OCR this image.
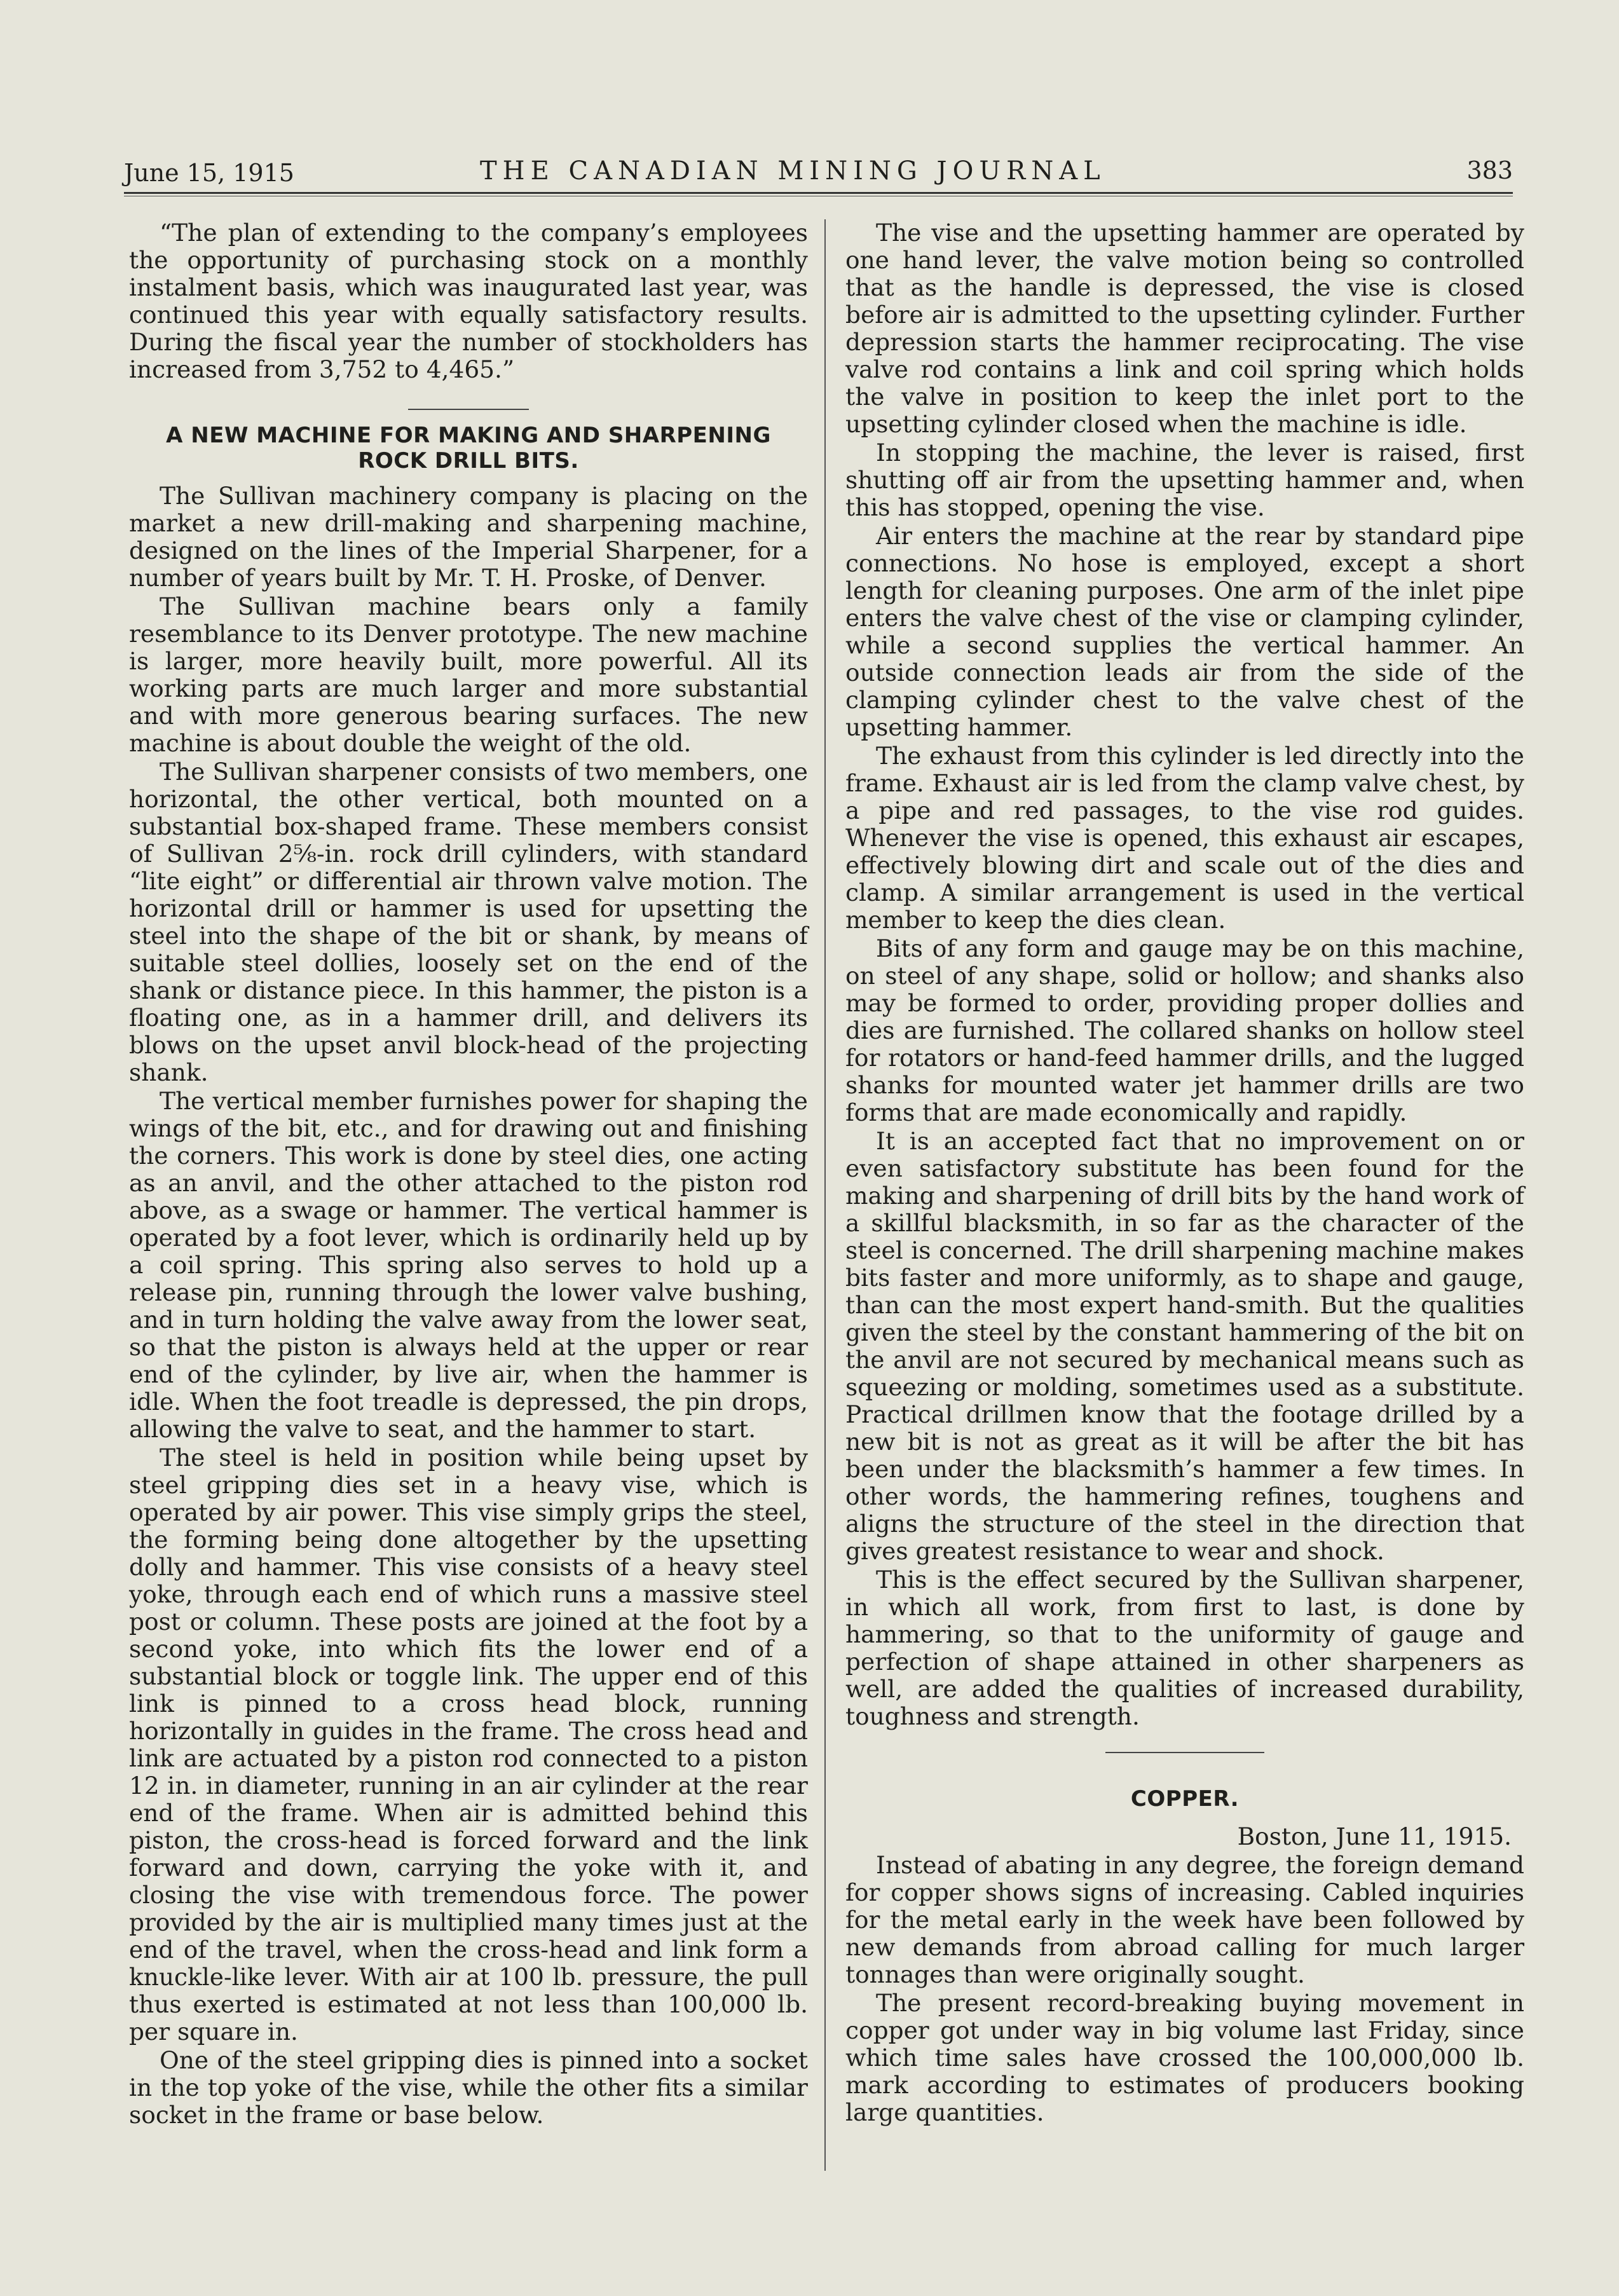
June 15, 1915	THE CANADIAN MINING JOURNAL	383

“The plan of extending to the company’s employees the opportunity of purchasing stock on a monthly instalment basis, which was inaugurated last year, was continued this year with equally satisfactory results. During the fiscal year the number of stockholders has increased from 3,752 to 4,465.”

A NEW MACHINE FOR MAKING AND SHARPENING ROCK DRILL BITS.

The Sullivan machinery company is placing on the market a new drill-making and sharpening machine, designed on the lines of the Imperial Sharpener, for a number of years built by Mr. T. H. Proske, of Denver.

The Sullivan machine bears only a family resemblance to its Denver prototype. The new machine is larger, more heavily built, more powerful. All its working parts are much larger and more substantial and with more generous bearing surfaces. The new machine is about double the weight of the old.

The Sullivan sharpener consists of two members, one horizontal, the other vertical, both mounted on a substantial box-shaped frame. These members consist of Sullivan 2⅝-in. rock drill cylinders, with standard “lite eight” or differential air thrown valve motion. The horizontal drill or hammer is used for upsetting the steel into the shape of the bit or shank, by means of suitable steel dollies, loosely set on the end of the shank or distance piece. In this hammer, the piston is a floating one, as in a hammer drill, and delivers its blows on the upset anvil block-head of the projecting shank.

The vertical member furnishes power for shaping the wings of the bit, etc., and for drawing out and finishing the corners. This work is done by steel dies, one acting as an anvil, and the other attached to the piston rod above, as a swage or hammer. The vertical hammer is operated by a foot lever, which is ordinarily held up by a coil spring. This spring also serves to hold up a release pin, running through the lower valve bushing, and in turn holding the valve away from the lower seat, so that the piston is always held at the upper or rear end of the cylinder, by live air, when the hammer is idle. When the foot treadle is depressed, the pin drops, allowing the valve to seat, and the hammer to start.

The steel is held in position while being upset by steel gripping dies set in a heavy vise, which is operated by air power. This vise simply grips the steel, the forming being done altogether by the upsetting dolly and hammer. This vise consists of a heavy steel yoke, through each end of which runs a massive steel post or column. These posts are joined at the foot by a second yoke, into which fits the lower end of a substantial block or toggle link. The upper end of this link is pinned to a cross head block, running horizontally in guides in the frame. The cross head and link are actuated by a piston rod connected to a piston 12 in. in diameter, running in an air cylinder at the rear end of the frame. When air is admitted behind this piston, the cross-head is forced forward and the link forward and down, carrying the yoke with it, and closing the vise with tremendous force. The power provided by the air is multiplied many times just at the end of the travel, when the cross-head and link form a knuckle-like lever. With air at 100 lb. pressure, the pull thus exerted is estimated at not less than 100,000 lb. per square in.

One of the steel gripping dies is pinned into a socket in the top yoke of the vise, while the other fits a similar socket in the frame or base below.

The vise and the upsetting hammer are operated by one hand lever, the valve motion being so controlled that as the handle is depressed, the vise is closed before air is admitted to the upsetting cylinder. Further depression starts the hammer reciprocating. The vise valve rod contains a link and coil spring which holds the valve in position to keep the inlet port to the upsetting cylinder closed when the machine is idle.

In stopping the machine, the lever is raised, first shutting off air from the upsetting hammer and, when this has stopped, opening the vise.

Air enters the machine at the rear by standard pipe connections. No hose is employed, except a short length for cleaning purposes. One arm of the inlet pipe enters the valve chest of the vise or clamping cylinder, while a second supplies the vertical hammer. An outside connection leads air from the side of the clamping cylinder chest to the valve chest of the upsetting hammer.

The exhaust from this cylinder is led directly into the frame. Exhaust air is led from the clamp valve chest, by a pipe and red passages, to the vise rod guides. Whenever the vise is opened, this exhaust air escapes, effectively blowing dirt and scale out of the dies and clamp. A similar arrangement is used in the vertical member to keep the dies clean.

Bits of any form and gauge may be on this machine, on steel of any shape, solid or hollow; and shanks also may be formed to order, providing proper dollies and dies are furnished. The collared shanks on hollow steel for rotators or hand-feed hammer drills, and the lugged shanks for mounted water jet hammer drills are two forms that are made economically and rapidly.

It is an accepted fact that no improvement on or even satisfactory substitute has been found for the making and sharpening of drill bits by the hand work of a skillful blacksmith, in so far as the character of the steel is concerned. The drill sharpening machine makes bits faster and more uniformly, as to shape and gauge, than can the most expert hand-smith. But the qualities given the steel by the constant hammering of the bit on the anvil are not secured by mechanical means such as squeezing or molding, sometimes used as a substitute. Practical drillmen know that the footage drilled by a new bit is not as great as it will be after the bit has been under the blacksmith’s hammer a few times. In other words, the hammering refines, toughens and aligns the structure of the steel in the direction that gives greatest resistance to wear and shock.

This is the effect secured by the Sullivan sharpener, in which all work, from first to last, is done by hammering, so that to the uniformity of gauge and perfection of shape attained in other sharpeners as well, are added the qualities of increased durability, toughness and strength.

COPPER.

Boston, June 11, 1915.

Instead of abating in any degree, the foreign demand for copper shows signs of increasing. Cabled inquiries for the metal early in the week have been followed by new demands from abroad calling for much larger tonnages than were originally sought.

The present record-breaking buying movement in copper got under way in big volume last Friday, since which time sales have crossed the 100,000,000 lb. mark according to estimates of producers booking large quantities.
